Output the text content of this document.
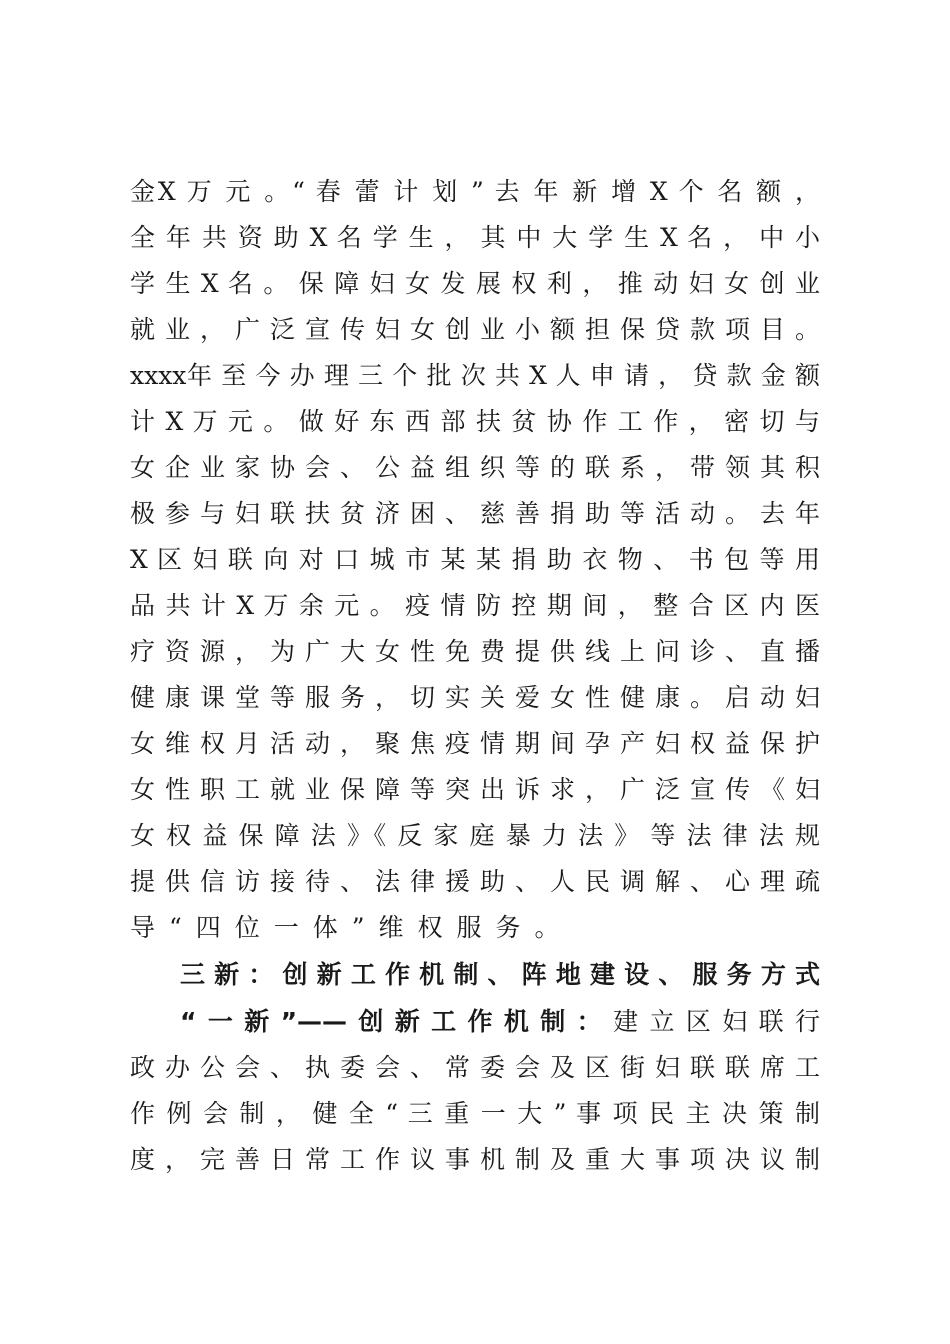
金X 万 元 。“ 春 蕾 计 划 ” 去 年 新 增 X 个 名 额 ，
全 年 共 资 助 X 名 学 生 ， 其 中 大 学 生 X 名 ， 中 小
学 生 X 名 。 保 障 妇 女 发 展 权 利 ， 推 动 妇 女 创 业
就 业 ， 广 泛 宣 传 妇 女 创 业 小 额 担 保 贷 款 项 目 。
xxxx年 至 今 办 理 三 个 批 次 共 X 人 申 请 ， 贷 款 金 额
计 X 万 元 。 做 好 东 西 部 扶 贫 协 作 工 作 ， 密 切 与
女 企 业 家 协 会 、 公 益 组 织 等 的 联 系 ， 带 领 其 积
极 参 与 妇 联 扶 贫 济 困 、 慈 善 捐 助 等 活 动 。 去 年
X 区 妇 联 向 对 口 城 市 某 某 捐 助 衣 物 、 书 包 等 用
品 共 计 X 万 余 元 。 疫 情 防 控 期 间 ， 整 合 区 内 医
疗 资 源 ， 为 广 大 女 性 免 费 提 供 线 上 问 诊 、 直 播
健 康 课 堂 等 服 务 ， 切 实 关 爱 女 性 健 康 。 启 动 妇
女 维 权 月 活 动 ， 聚 焦 疫 情 期 间 孕 产 妇 权 益 保 护
女 性 职 工 就 业 保 障 等 突 出 诉 求 ， 广 泛 宣 传 《 妇
女 权 益 保 障 法 》《 反 家 庭 暴 力 法 》 等 法 律 法 规
提 供 信 访 接 待 、 法 律 援 助 、 人 民 调 解 、 心 理 疏
导“四位一体”维权服务。
三 新 ： 创 新 工 作 机 制 、 阵 地 建 设 、 服 务 方 式
“一新”——创新工作机制：建立区妇联行
政 办 公 会 、 执 委 会 、 常 委 会 及 区 街 妇 联 联 席 工
作 例 会 制 ， 健 全 “ 三 重 一 大 ” 事 项 民 主 决 策 制
度 ， 完 善 日 常 工 作 议 事 机 制 及 重 大 事 项 决 议 制
